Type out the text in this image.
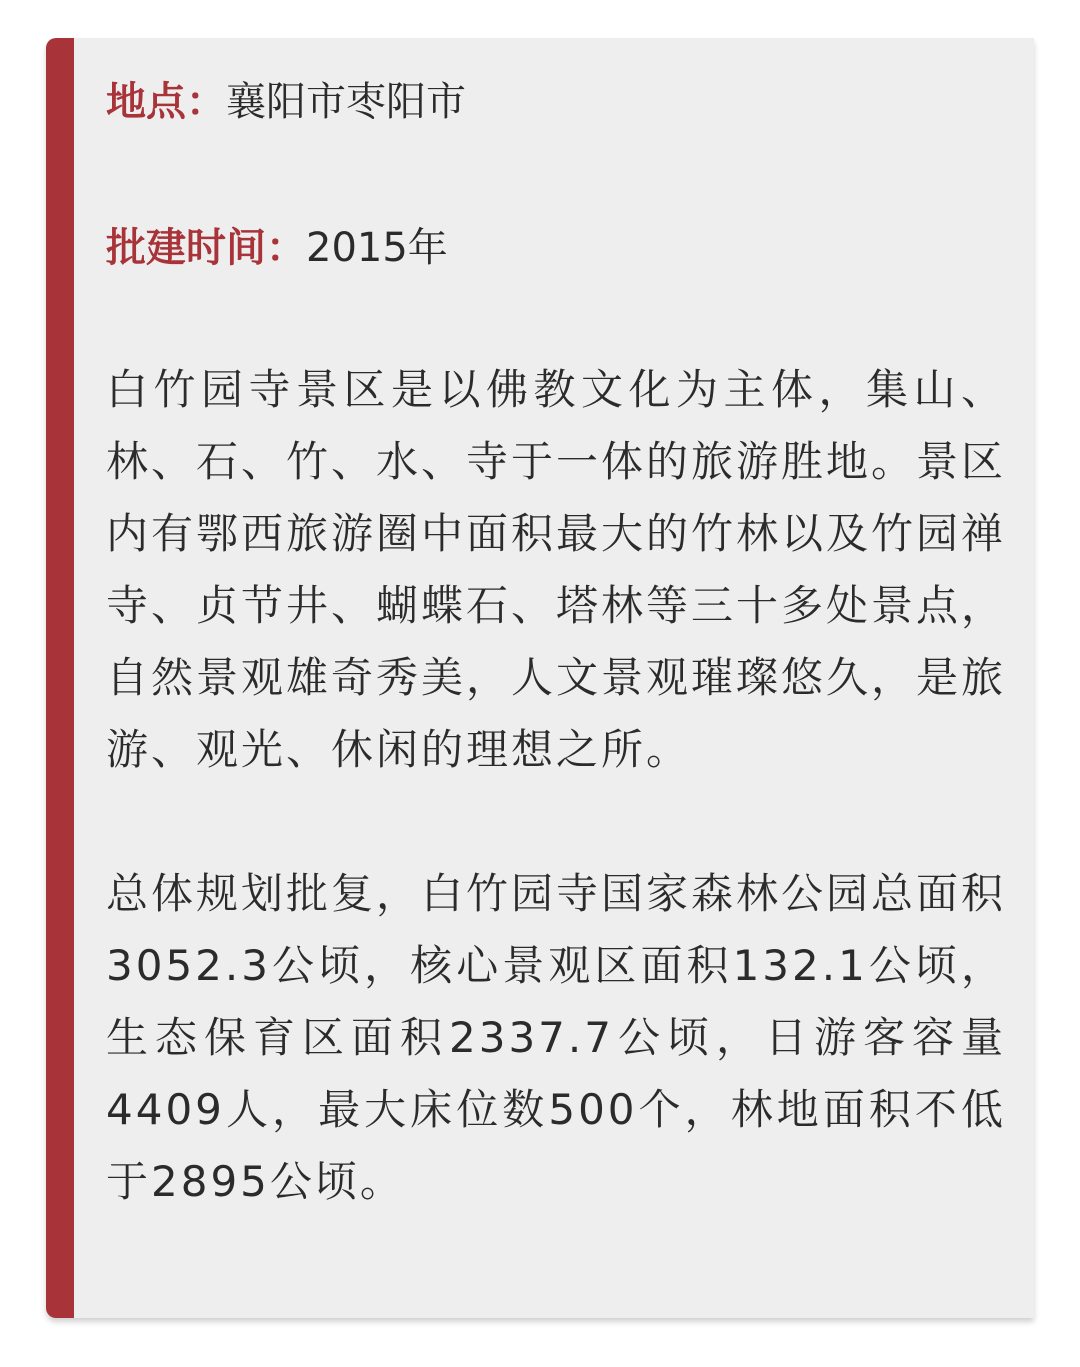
地点：襄阳市枣阳市
批建时间：2015年

白竹园寺景区是以佛教文化为主体，集山、林、石、竹、水、寺于一体的旅游胜地。景区内有鄂西旅游圈中面积最大的竹林以及竹园禅寺、贞节井、蝴蝶石、塔林等三十多处景点，自然景观雄奇秀美，人文景观璀璨悠久，是旅游、观光、休闲的理想之所。

总体规划批复，白竹园寺国家森林公园总面积3052.3公顷，核心景观区面积132.1公顷，生态保育区面积2337.7公顷，日游客容量4409人，最大床位数500个，林地面积不低于2895公顷。
